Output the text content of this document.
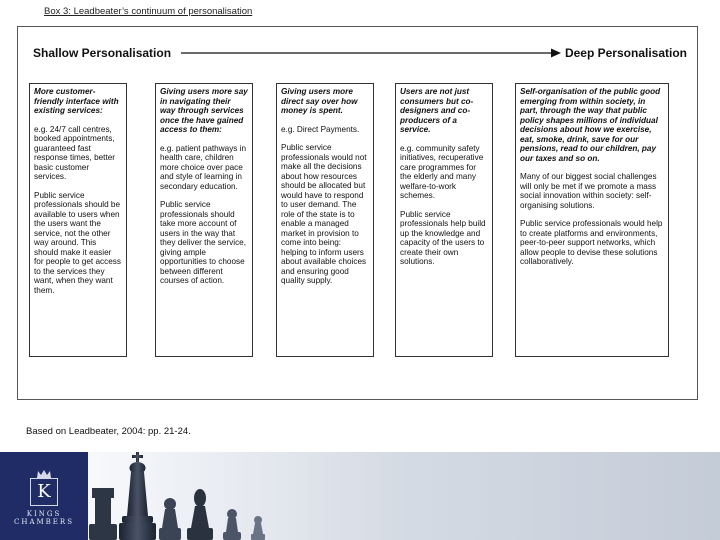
Box 3: Leadbeater’s continuum of personalisation
Shallow Personalisation	Deep Personalisation

More customer-friendly interface with existing services:

e.g. 24/7 call centres, booked appointments, guaranteed fast response times, better basic customer services.

Public service professionals should be available to users when the users want the service, not the other way around. This should make it easier for people to get access to the services they want, when they want them.

Giving users more say in navigating their way through services once the have gained access to them:

e.g. patient pathways in health care, children more choice over pace and style of learning in secondary education.

Public service professionals should take more account of users in the way that they deliver the service, giving ample opportunities to choose between different courses of action.

Giving users more direct say over how money is spent.

e.g. Direct Payments.

Public service professionals would not make all the decisions about how resources should be allocated but would have to respond to user demand. The role of the state is to enable a managed market in provision to come into being: helping to inform users about available choices and ensuring good quality supply.

Users are not just consumers but co-designers and co-producers of a service.

e.g. community safety initiatives, recuperative care programmes for the elderly and many welfare-to-work schemes.

Public service professionals help build up the knowledge and capacity of the users to create their own solutions.

Self-organisation of the public good emerging from within society, in part, through the way that public policy shapes millions of individual decisions about how we exercise, eat, smoke, drink, save for our pensions, read to our children, pay our taxes and so on.

Many of our biggest social challenges will only be met if we promote a mass social innovation within society: self-organising solutions.

Public service professionals would help to create platforms and environments, peer-to-peer support networks, which allow people to devise these solutions collaboratively.

Based on Leadbeater, 2004: pp. 21-24.
K
KINGS
CHAMBERS
